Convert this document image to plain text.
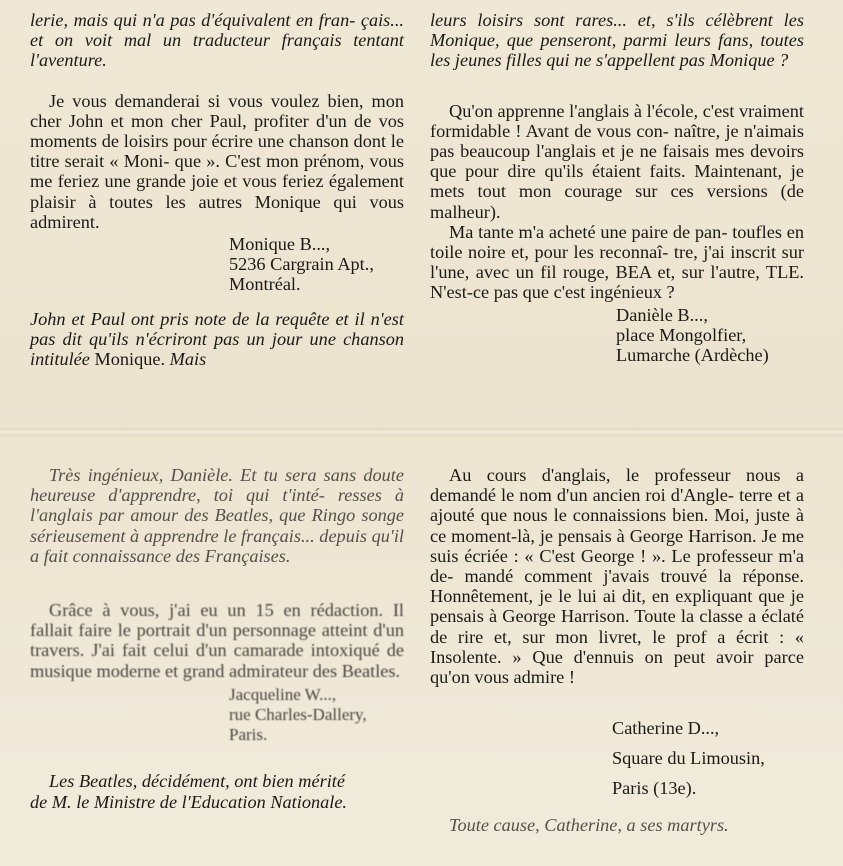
lerie, mais qui n'a pas d'équivalent en fran- çais... et on voit mal un traducteur français tentant l'aventure.

Je vous demanderai si vous voulez bien, mon cher John et mon cher Paul, profiter d'un de vos moments de loisirs pour écrire une chanson dont le titre serait « Moni- que ». C'est mon prénom, vous me feriez une grande joie et vous feriez également plaisir à toutes les autres Monique qui vous admirent.

Monique B...,
5236 Cargrain Apt.,
Montréal.

John et Paul ont pris note de la requête et il n'est pas dit qu'ils n'écriront pas un jour une chanson intitulée Monique. Mais

leurs loisirs sont rares... et, s'ils célèbrent les Monique, que penseront, parmi leurs fans, toutes les jeunes filles qui ne s'appellent pas Monique ?

Qu'on apprenne l'anglais à l'école, c'est vraiment formidable ! Avant de vous con- naître, je n'aimais pas beaucoup l'anglais et je ne faisais mes devoirs que pour dire qu'ils étaient faits. Maintenant, je mets tout mon courage sur ces versions (de malheur).

Ma tante m'a acheté une paire de pan- toufles en toile noire et, pour les reconnaî- tre, j'ai inscrit sur l'une, avec un fil rouge, BEA et, sur l'autre, TLE. N'est-ce pas que c'est ingénieux ?

Danièle B...,
place Mongolfier,
Lumarche (Ardèche)

Très ingénieux, Danièle. Et tu sera sans doute heureuse d'apprendre, toi qui t'inté- resses à l'anglais par amour des Beatles, que Ringo songe sérieusement à apprendre le français... depuis qu'il a fait connaissance des Françaises.

Grâce à vous, j'ai eu un 15 en rédaction. Il fallait faire le portrait d'un personnage atteint d'un travers. J'ai fait celui d'un camarade intoxiqué de musique moderne et grand admirateur des Beatles.

Jacqueline W...,
rue Charles-Dallery,
Paris.
Les Beatles, décidément, ont bien mérité
de M. le Ministre de l'Education Nationale.

Au cours d'anglais, le professeur nous a demandé le nom d'un ancien roi d'Angle- terre et a ajouté que nous le connaissions bien. Moi, juste à ce moment-là, je pensais à George Harrison. Je me suis écriée : « C'est George ! ». Le professeur m'a de- mandé comment j'avais trouvé la réponse. Honnêtement, je le lui ai dit, en expliquant que je pensais à George Harrison. Toute la classe a éclaté de rire et, sur mon livret, le prof a écrit : « Insolente. » Que d'ennuis on peut avoir parce qu'on vous admire !

Catherine D...,
Square du Limousin,
Paris (13e).

Toute cause, Catherine, a ses martyrs.
